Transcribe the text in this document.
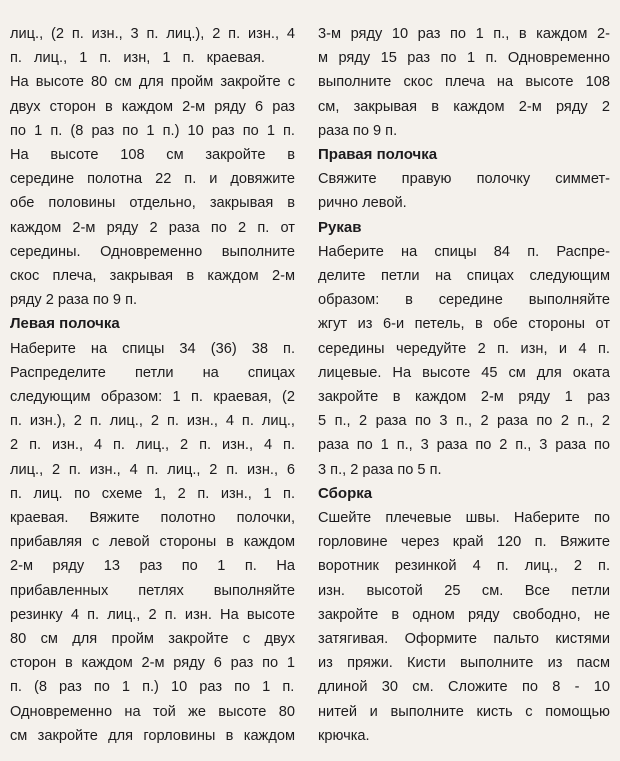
лиц., (2 п. изн., 3 п. лиц.), 2 п. изн., 4
п. лиц., 1 п. изн, 1 п. краевая.
На высоте 80 см для пройм закройте с
двух сторон в каждом 2-м ряду 6 раз
по 1 п. (8 раз по 1 п.) 10 раз по 1 п.
На высоте 108 см закройте в
середине полотна 22 п. и довяжите
обе половины отдельно, закрывая в
каждом 2-м ряду 2 раза по 2 п. от
середины. Одновременно выполните
скос плеча, закрывая в каждом 2-м
ряду 2 раза по 9 п.
Левая полочка
Наберите на спицы 34 (36) 38 п.
Распределите петли на спицах
следующим образом: 1 п. краевая, (2
п. изн.), 2 п. лиц., 2 п. изн., 4 п. лиц.,
2 п. изн., 4 п. лиц., 2 п. изн., 4 п.
лиц., 2 п. изн., 4 п. лиц., 2 п. изн., 6
п. лиц. по схеме 1, 2 п. изн., 1 п.
краевая. Вяжите полотно полочки,
прибавляя с левой стороны в каждом
2-м ряду 13 раз по 1 п. На
прибавленных петлях выполняйте
резинку 4 п. лиц., 2 п. изн. На высоте
80 см для пройм закройте с двух
сторон в каждом 2-м ряду 6 раз по 1
п. (8 раз по 1 п.) 10 раз по 1 п.
Одновременно на той же высоте 80
см закройте для горловины в каждом
3-м ряду 10 раз по 1 п., в каждом 2-
м ряду 15 раз по 1 п. Одновременно
выполните скос плеча на высоте 108
см, закрывая в каждом 2-м ряду 2
раза по 9 п.
Правая полочка
Свяжите правую полочку симмет-
рично левой.
Рукав
Наберите на спицы 84 п. Распре-
делите петли на спицах следующим
образом: в середине выполняйте
жгут из 6-и петель, в обе стороны от
середины чередуйте 2 п. изн, и 4 п.
лицевые. На высоте 45 см для оката
закройте в каждом 2-м ряду 1 раз
5 п., 2 раза по 3 п., 2 раза по 2 п., 2
раза по 1 п., 3 раза по 2 п., 3 раза по
3 п., 2 раза по 5 п.
Сборка
Сшейте плечевые швы. Наберите по
горловине через край 120 п. Вяжите
воротник резинкой 4 п. лиц., 2 п.
изн. высотой 25 см. Все петли
закройте в одном ряду свободно, не
затягивая. Оформите пальто кистями
из пряжи. Кисти выполните из пасм
длиной 30 см. Сложите по 8 - 10
нитей и выполните кисть с помощью
крючка.
